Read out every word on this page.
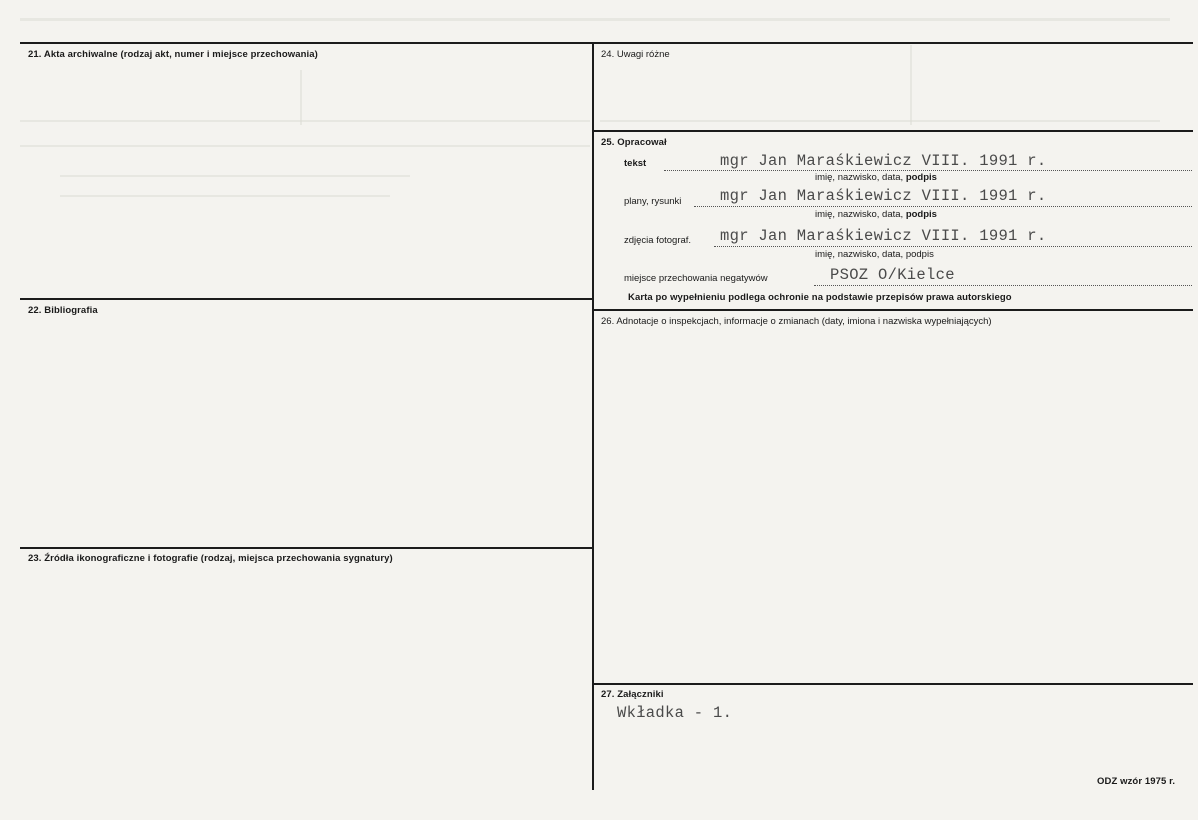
21. Akta archiwalne (rodzaj akt, numer i miejsce przechowania)
22. Bibliografia
23. Źródła ikonograficzne i fotografie (rodzaj, miejsca przechowania sygnatury)
24. Uwagi różne
25. Opracował
tekst	mgr Jan Maraśkiewicz VIII. 1991 r.
imię, nazwisko, data, podpis
plany, rysunki mgr Jan Maraśkiewicz VIII. 1991 r.
imię, nazwisko, data, podpis
zdjęcia fotograf. mgr Jan Maraśkiewicz VIII. 1991 r.
imię, nazwisko, data, podpis
miejsce przechowania negatywów	PSOZ O/Kielce
Karta po wypełnieniu podlega ochronie na podstawie przepisów prawa autorskiego
26. Adnotacje o inspekcjach, informacje o zmianach (daty, imiona i nazwiska wypełniających)
27. Załączniki
Wkładka - 1.
ODZ wzór 1975 r.
